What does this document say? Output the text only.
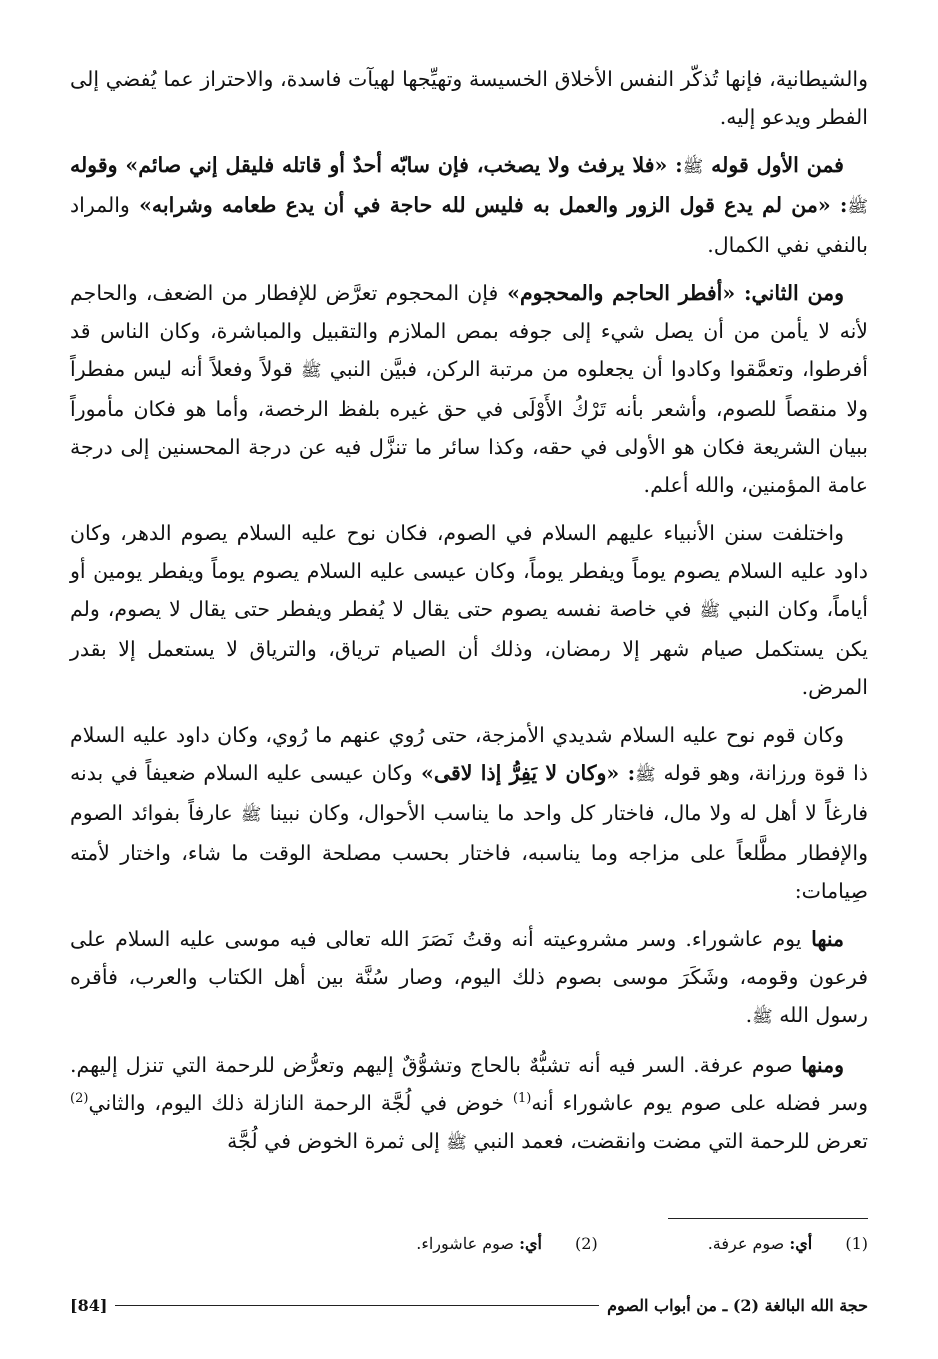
والشيطانية، فإنها تُذكّر النفس الأخلاق الخسيسة وتهيِّجها لهيآت فاسدة، والاحتراز عما يُفضي إلى الفطر ويدعو إليه.

فمن الأول قوله ﷺ: «فلا يرفث ولا يصخب، فإن سابّه أحدٌ أو قاتله فليقل إني صائم» وقوله ﷺ: «من لم يدع قول الزور والعمل به فليس لله حاجة في أن يدع طعامه وشرابه» والمراد بالنفي نفي الكمال.

ومن الثاني: «أفطر الحاجم والمحجوم» فإن المحجوم تعرَّض للإفطار من الضعف، والحاجم لأنه لا يأمن من أن يصل شيء إلى جوفه بمص الملازم والتقبيل والمباشرة، وكان الناس قد أفرطوا، وتعمَّقوا وكادوا أن يجعلوه من مرتبة الركن، فبيَّن النبي ﷺ قولاً وفعلاً أنه ليس مفطراً ولا منقصاً للصوم، وأشعر بأنه تَرْكُ الأَوْلَى في حق غيره بلفظ الرخصة، وأما هو فكان مأموراً ببيان الشريعة فكان هو الأولى في حقه، وكذا سائر ما تنزَّل فيه عن درجة المحسنين إلى درجة عامة المؤمنين، والله أعلم.

واختلفت سنن الأنبياء عليهم السلام في الصوم، فكان نوح عليه السلام يصوم الدهر، وكان داود عليه السلام يصوم يوماً ويفطر يوماً، وكان عيسى عليه السلام يصوم يوماً ويفطر يومين أو أياماً، وكان النبي ﷺ في خاصة نفسه يصوم حتى يقال لا يُفطر ويفطر حتى يقال لا يصوم، ولم يكن يستكمل صيام شهر إلا رمضان، وذلك أن الصيام ترياق، والترياق لا يستعمل إلا بقدر المرض.

وكان قوم نوح عليه السلام شديدي الأمزجة، حتى رُوي عنهم ما رُوي، وكان داود عليه السلام ذا قوة ورزانة، وهو قوله ﷺ: «وكان لا يَفِرُّ إذا لاقى» وكان عيسى عليه السلام ضعيفاً في بدنه فارغاً لا أهل له ولا مال، فاختار كل واحد ما يناسب الأحوال، وكان نبينا ﷺ عارفاً بفوائد الصوم والإفطار مطَّلعاً على مزاجه وما يناسبه، فاختار بحسب مصلحة الوقت ما شاء، واختار لأمته صِيامات:

منها يوم عاشوراء. وسر مشروعيته أنه وقتُ نَصَرَ الله تعالى فيه موسى عليه السلام على فرعون وقومه، وشَكَرَ موسى بصوم ذلك اليوم، وصار سُنَّة بين أهل الكتاب والعرب، فأقره رسول الله ﷺ.

ومنها صوم عرفة. السر فيه أنه تشبُّهٌ بالحاج وتشوُّقٌ إليهم وتعرُّض للرحمة التي تنزل إليهم. وسر فضله على صوم يوم عاشوراء أنه$^{(1)}$ خوض في لُجَّة الرحمة النازلة ذلك اليوم، والثاني$^{(2)}$ تعرض للرحمة التي مضت وانقضت، فعمد النبي ﷺ إلى ثمرة الخوض في لُجَّة

(1) أي: صوم عرفة.
(2) أي: صوم عاشوراء.
حجة الله البالغة (2) ـ من أبواب الصوم
[84]
